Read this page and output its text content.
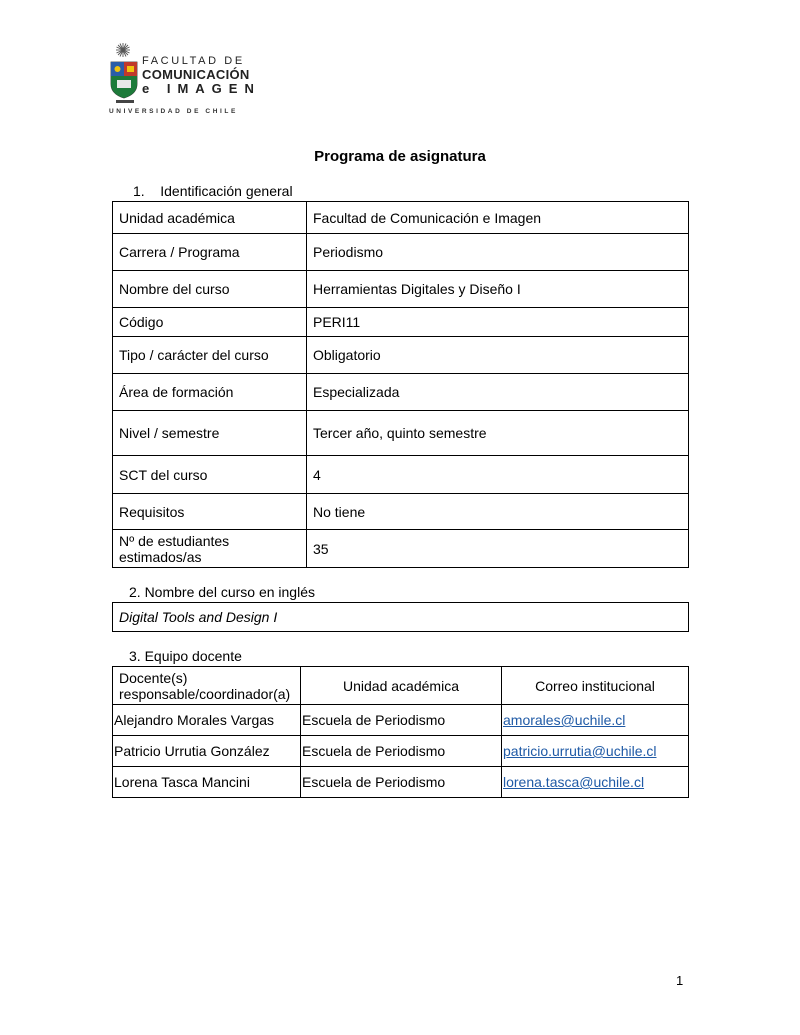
FACULTAD DE
COMUNICACIÓN
e IMAGEN
UNIVERSIDAD DE CHILE
Programa de asignatura
1. Identificación general
Unidad académica	Facultad de Comunicación e Imagen
Carrera / Programa	Periodismo
Nombre del curso	Herramientas Digitales y Diseño I
Código	PERI11
Tipo / carácter del curso	Obligatorio
Área de formación	Especializada
Nivel / semestre	Tercer año, quinto semestre
SCT del curso	4
Requisitos	No tiene
Nº de estudiantes estimados/as	35
2. Nombre del curso en inglés
Digital Tools and Design I
3. Equipo docente
Docente(s) responsable/coordinador(a)	Unidad académica	Correo institucional
Alejandro Morales Vargas	Escuela de Periodismo	amorales@uchile.cl
Patricio Urrutia González	Escuela de Periodismo	patricio.urrutia@uchile.cl
Lorena Tasca Mancini	Escuela de Periodismo	lorena.tasca@uchile.cl
1
